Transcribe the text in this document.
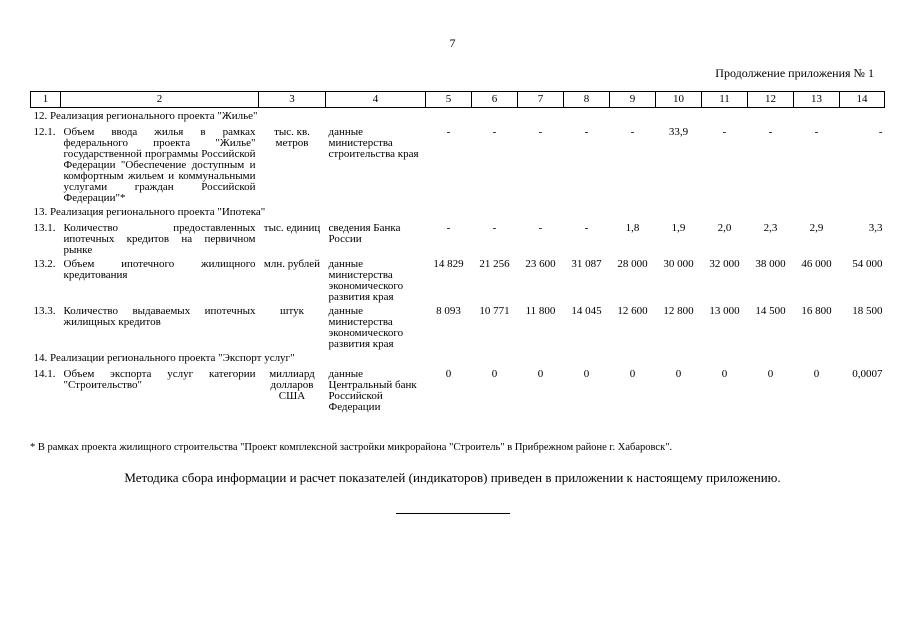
7
Продолжение приложения № 1
1	2	3	4	5	6	7	8	9	10	11	12	13	14
12. Реализация регионального проекта "Жилье"													
12.1.	Объем ввода жилья в рамках федерального проекта "Жилье" государственной программы Российской Федерации "Обеспечение доступным и комфортным жильем и коммунальными услугами граждан Российской Федерации"*	тыс. кв. метров	данные министерства строительства края	-	-	-	-	-	33,9	-	-	-	-
13. Реализация регионального проекта "Ипотека"													
13.1.	Количество предоставленных ипотечных кредитов на первичном рынке	тыс. единиц	сведения Банка России	-	-	-	-	1,8	1,9	2,0	2,3	2,9	3,3
13.2.	Объем ипотечного жилищного кредитования	млн. рублей	данные министерства экономического развития края	14 829	21 256	23 600	31 087	28 000	30 000	32 000	38 000	46 000	54 000
13.3.	Количество выдаваемых ипотечных жилищных кредитов	штук	данные министерства экономического развития края	8 093	10 771	11 800	14 045	12 600	12 800	13 000	14 500	16 800	18 500
14. Реализации регионального проекта "Экспорт услуг"													
14.1.	Объем экспорта услуг категории "Строительство"	миллиард долларов США	данные Центральный банк Российской Федерации	0	0	0	0	0	0	0	0	0	0,0007
* В рамках проекта жилищного строительства "Проект комплексной застройки микрорайона "Строитель" в Прибрежном районе г. Хабаровск".
Методика сбора информации и расчет показателей (индикаторов) приведен в приложении к настоящему приложению.
